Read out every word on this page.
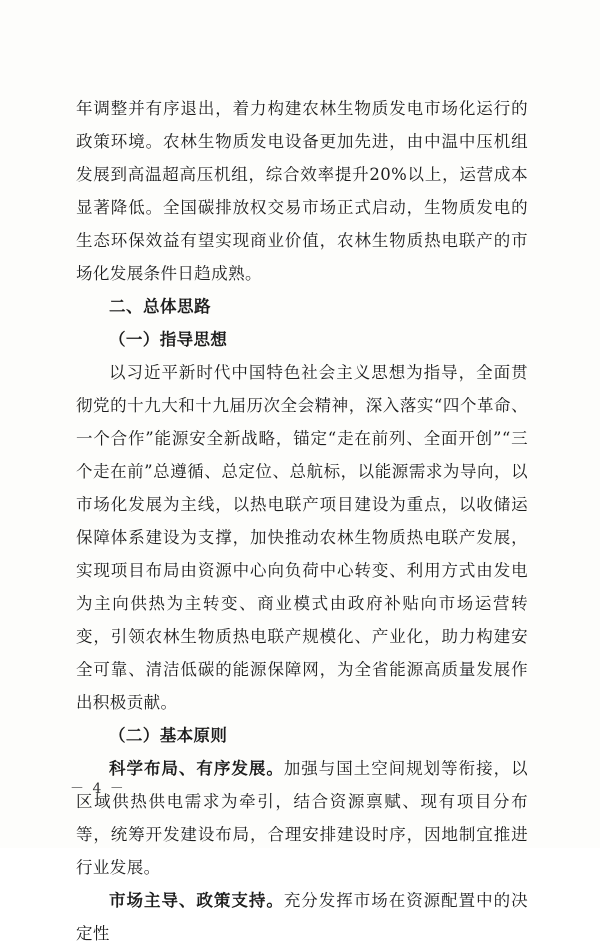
年调整并有序退出，着力构建农林生物质发电市场化运行的政策环境。农林生物质发电设备更加先进，由中温中压机组发展到高温超高压机组，综合效率提升20%以上，运营成本显著降低。全国碳排放权交易市场正式启动，生物质发电的生态环保效益有望实现商业价值，农林生物质热电联产的市场化发展条件日趋成熟。

二、总体思路

（一）指导思想

以习近平新时代中国特色社会主义思想为指导，全面贯彻党的十九大和十九届历次全会精神，深入落实“四个革命、一个合作”能源安全新战略，锚定“走在前列、全面开创”“三个走在前”总遵循、总定位、总航标，以能源需求为导向，以市场化发展为主线，以热电联产项目建设为重点，以收储运保障体系建设为支撑，加快推动农林生物质热电联产发展，实现项目布局由资源中心向负荷中心转变、利用方式由发电为主向供热为主转变、商业模式由政府补贴向市场运营转变，引领农林生物质热电联产规模化、产业化，助力构建安全可靠、清洁低碳的能源保障网，为全省能源高质量发展作出积极贡献。

（二）基本原则

科学布局、有序发展。加强与国土空间规划等衔接，以区域供热供电需求为牵引，结合资源禀赋、现有项目分布等，统筹开发建设布局，合理安排建设时序，因地制宜推进行业发展。

市场主导、政策支持。充分发挥市场在资源配置中的决定性

－ 4 －
